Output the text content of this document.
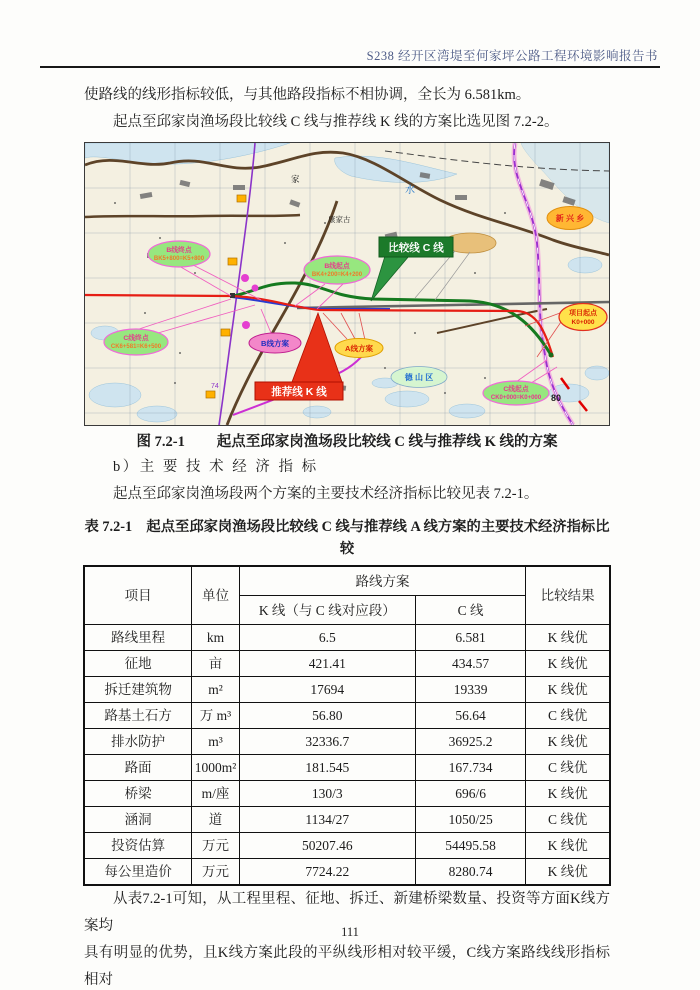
S238 经开区湾堤至何家坪公路工程环境影响报告书

使路线的线形指标较低，与其他路段指标不相协调，全长为 6.581km。

起点至邱家岗渔场段比较线 C 线与推荐线 K 线的方案比选见图 7.2-2。

康家古
家
水
80
74
比较线 C 线
推荐线 K 线
B线终点
BK5+800=K5+800
C线终点
CK6+581=K6+500
B线起点
BK4+200=K4+200
B线方案
A线方案
德 山 区
新 兴 乡
项目起点
K0+000
C线起点
CK0+000=K0+000

图 7.2-1 起点至邱家岗渔场段比较线 C 线与推荐线 K 线的方案

b）主 要 技 术 经 济 指 标

起点至邱家岗渔场段两个方案的主要技术经济指标比较见表 7.2-1。

表 7.2-1　起点至邱家岗渔场段比较线 C 线与推荐线 A 线方案的主要技术经济指标比较

项目	单位	路线方案		比较结果
		K 线（与 C 线对应段）	C 线	
路线里程	km	6.5	6.581	K 线优
征地	亩	421.41	434.57	K 线优
拆迁建筑物	m²	17694	19339	K 线优
路基土石方	万 m³	56.80	56.64	C 线优
排水防护	m³	32336.7	36925.2	K 线优
路面	1000m²	181.545	167.734	C 线优
桥梁	m/座	130/3	696/6	K 线优
涵洞	道	1134/27	1050/25	C 线优
投资估算	万元	50207.46	54495.58	K 线优
每公里造价	万元	7724.22	8280.74	K 线优

从表7.2-1可知，从工程里程、征地、拆迁、新建桥梁数量、投资等方面K线方案均
具有明显的优势，且K线方案此段的平纵线形相对较平缓，C线方案路线线形指标相对

111
